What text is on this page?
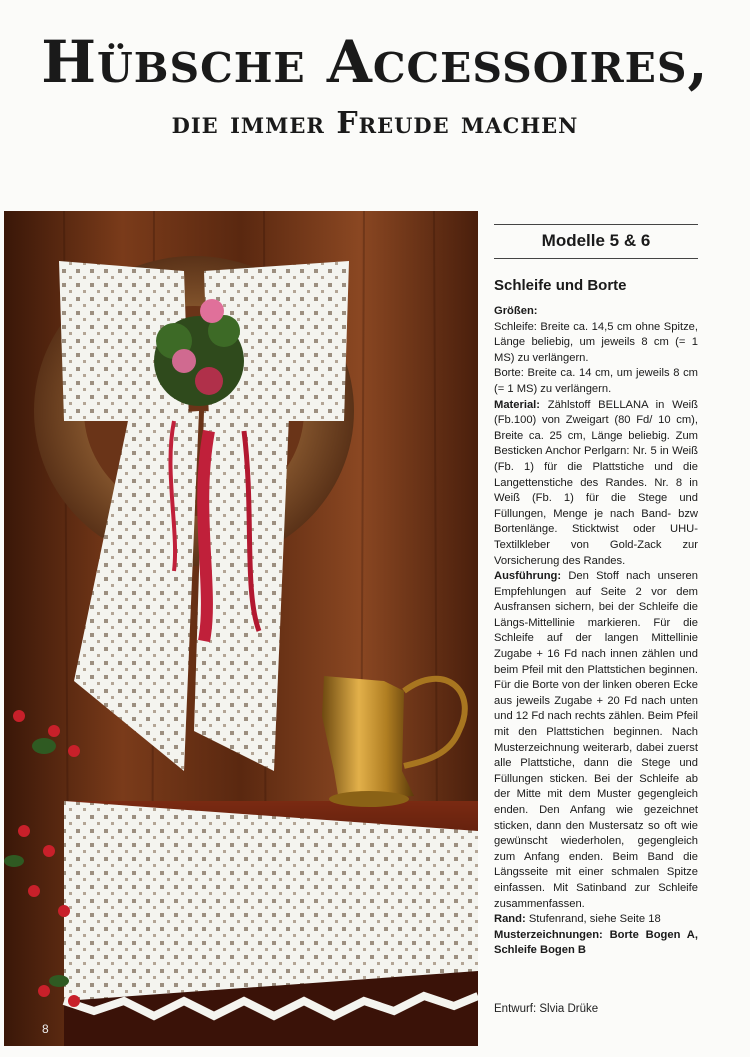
Hübsche Accessoires,
die immer Freude machen
Modelle 5 & 6
Schleife und Borte
Größen:
Schleife: Breite ca. 14,5 cm ohne Spitze, Länge beliebig, um jeweils 8 cm (= 1 MS) zu verlängern.
Borte: Breite ca. 14 cm, um jeweils 8 cm (= 1 MS) zu verlängern.
Material: Zählstoff BELLANA in Weiß (Fb.100) von Zweigart (80 Fd/ 10 cm), Breite ca. 25 cm, Länge beliebig. Zum Besticken Anchor Perlgarn: Nr. 5 in Weiß (Fb. 1) für die Plattstiche und die Langettenstiche des Randes. Nr. 8 in Weiß (Fb. 1) für die Stege und Füllungen, Menge je nach Band- bzw Bortenlänge. Sticktwist oder UHU-Textilkleber von Gold-Zack zur Vorsicherung des Randes.
Ausführung: Den Stoff nach unseren Empfehlungen auf Seite 2 vor dem Ausfransen sichern, bei der Schleife die Längs-Mittellinie markieren. Für die Schleife auf der langen Mittellinie Zugabe + 16 Fd nach innen zählen und beim Pfeil mit den Plattstichen beginnen. Für die Borte von der linken oberen Ecke aus jeweils Zugabe + 20 Fd nach unten und 12 Fd nach rechts zählen. Beim Pfeil mit den Plattstichen beginnen. Nach Musterzeichnung weiterarb, dabei zuerst alle Plattstiche, dann die Stege und Füllungen sticken. Bei der Schleife ab der Mitte mit dem Muster gegengleich enden. Den Anfang wie gezeichnet sticken, dann den Mustersatz so oft wie gewünscht wiederholen, gegengleich zum Anfang enden. Beim Band die Längsseite mit einer schmalen Spitze einfassen. Mit Satinband zur Schleife zusammenfassen.
Rand: Stufenrand, siehe Seite 18
Musterzeichnungen: Borte Bogen A, Schleife Bogen B
Entwurf: Slvia Drüke
8
